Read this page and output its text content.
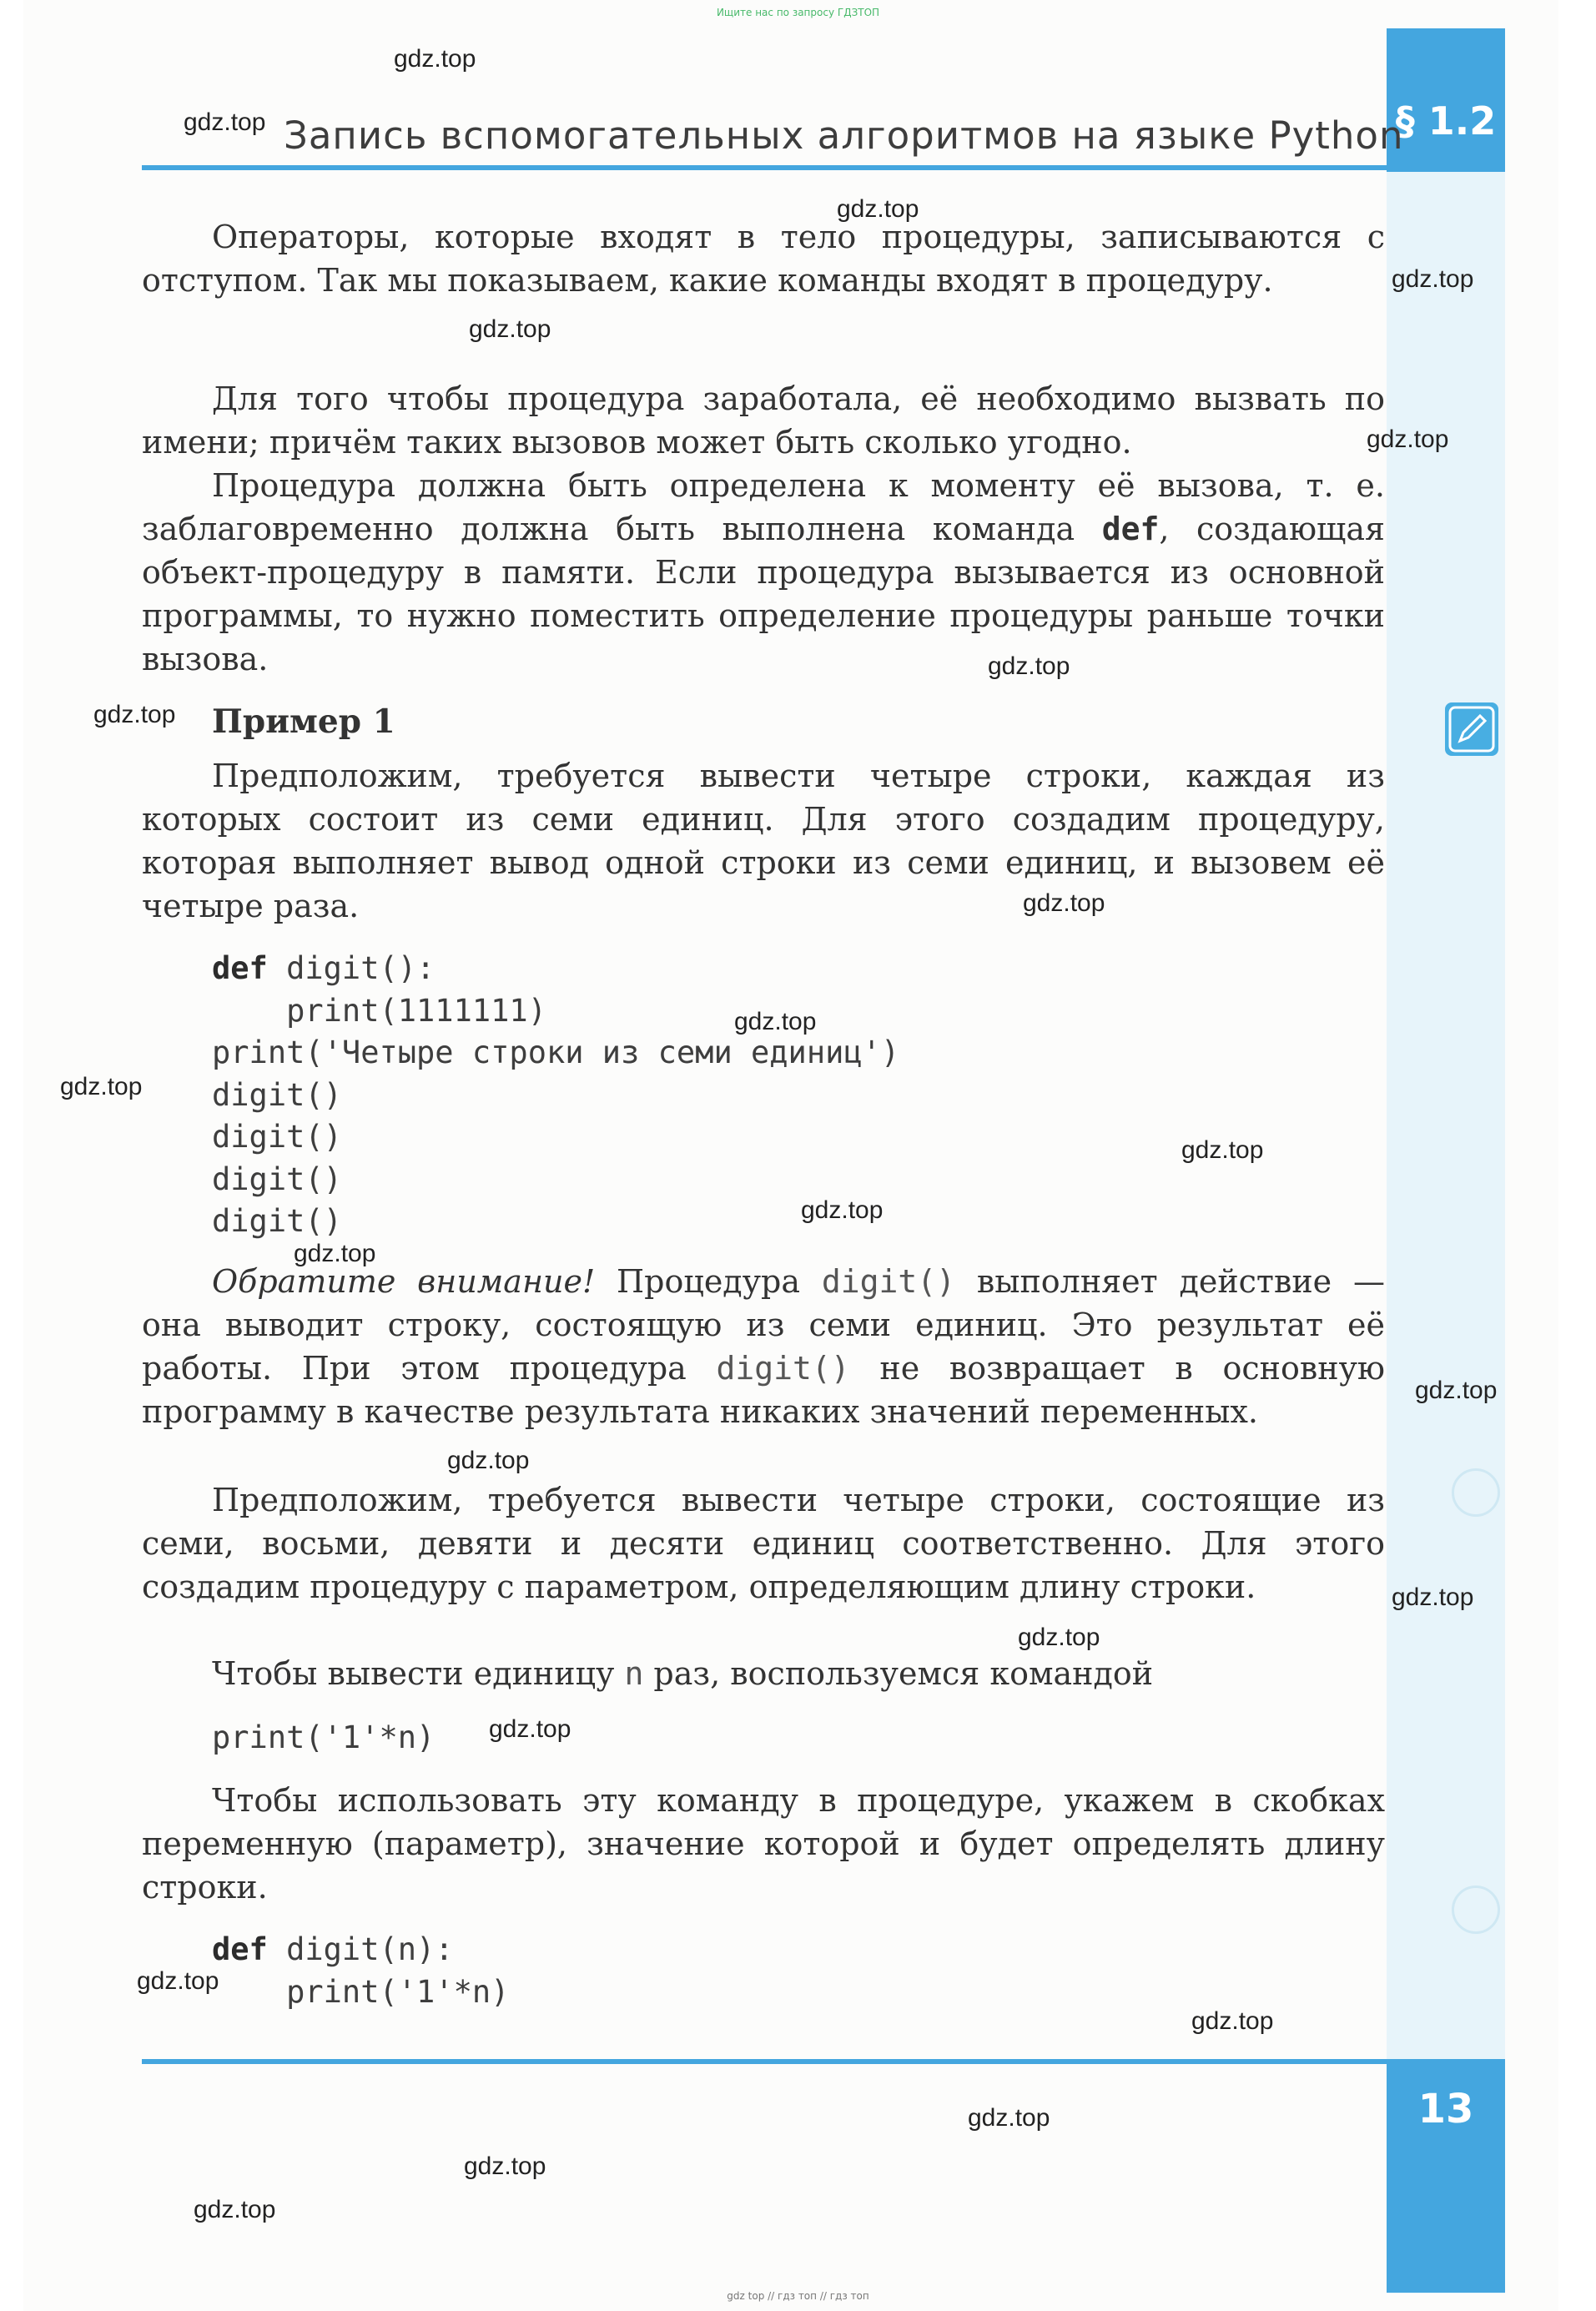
Ищите нас по запросу ГДЗТОП
§ 1.2
13
Запись вспомогательных алгоритмов на языке Python

Операторы, которые входят в тело процедуры, записываются с отступом. Так мы показываем, какие команды входят в процедуру.

Для того чтобы процедура заработала, её необходимо вызвать по имени; причём таких вызовов может быть сколько угодно.

Процедура должна быть определена к моменту её вызова, т. е. заблаговременно должна быть выполнена команда def, создающая объект-процедуру в памяти. Если процедура вызывается из основной программы, то нужно поместить определение процедуры раньше точки вызова.

Пример 1

Предположим, требуется вывести четыре строки, каждая из которых состоит из семи единиц. Для этого создадим процедуру, которая выполняет вывод одной строки из семи единиц, и вызовем её четыре раза.

def digit():
print(1111111)
print('Четыре строки из семи единиц')
digit()
digit()
digit()
digit()

Обратите внимание! Процедура digit() выполняет действие — она выводит строку, состоящую из семи единиц. Это результат её работы. При этом процедура digit() не возвращает в основную программу в качестве результата никаких значений переменных.

Предположим, требуется вывести четыре строки, состоящие из семи, восьми, девяти и десяти единиц соответственно. Для этого создадим процедуру с параметром, определяющим длину строки.

Чтобы вывести единицу n раз, воспользуемся командой

print('1'*n)

Чтобы использовать эту команду в процедуре, укажем в скобках переменную (параметр), значение которой и будет определять длину строки.

def digit(n):
print('1'*n)
gdz.top
gdz.top
gdz.top
gdz.top
gdz.top
gdz.top
gdz.top
gdz.top
gdz.top
gdz.top
gdz.top
gdz.top
gdz.top
gdz.top
gdz.top
gdz.top
gdz.top
gdz.top
gdz.top
gdz.top
gdz.top
gdz.top
gdz.top
gdz.top
gdz top // гдз топ // гдз топ
